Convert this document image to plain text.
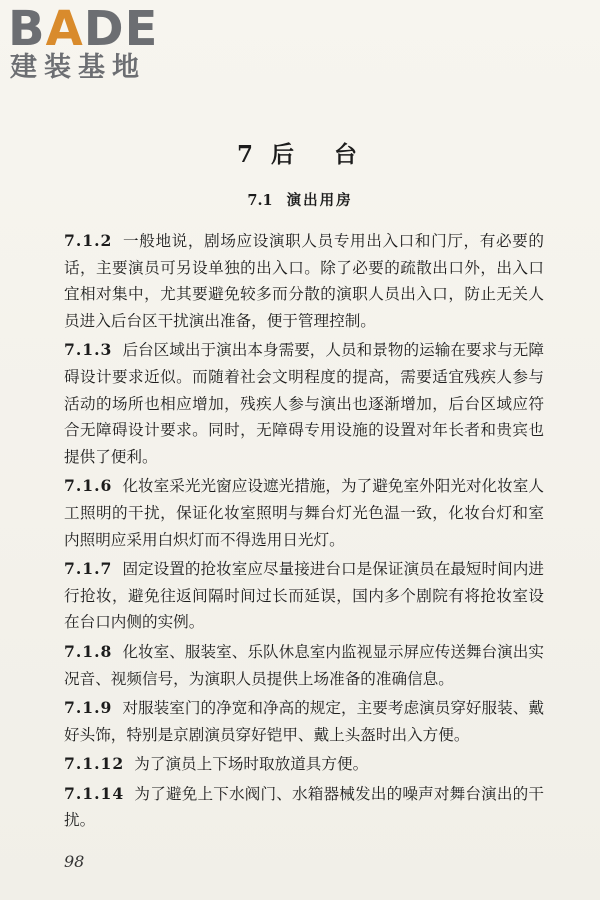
BADE
建装基地
7 后 台
7.1 演出用房

7.1.2 一般地说，剧场应设演职人员专用出入口和门厅，有必要的话，主要演员可另设单独的出入口。除了必要的疏散出口外，出入口宜相对集中，尤其要避免较多而分散的演职人员出入口，防止无关人员进入后台区干扰演出准备，便于管理控制。

7.1.3 后台区域出于演出本身需要，人员和景物的运输在要求与无障碍设计要求近似。而随着社会文明程度的提高，需要适宜残疾人参与活动的场所也相应增加，残疾人参与演出也逐渐增加，后台区域应符合无障碍设计要求。同时，无障碍专用设施的设置对年长者和贵宾也提供了便利。

7.1.6 化妆室采光光窗应设遮光措施，为了避免室外阳光对化妆室人工照明的干扰，保证化妆室照明与舞台灯光色温一致，化妆台灯和室内照明应采用白炽灯而不得选用日光灯。

7.1.7 固定设置的抢妆室应尽量接进台口是保证演员在最短时间内进行抢妆，避免往返间隔时间过长而延误，国内多个剧院有将抢妆室设在台口内侧的实例。

7.1.8 化妆室、服装室、乐队休息室内监视显示屏应传送舞台演出实况音、视频信号，为演职人员提供上场准备的准确信息。

7.1.9 对服装室门的净宽和净高的规定，主要考虑演员穿好服装、戴好头饰，特别是京剧演员穿好铠甲、戴上头盔时出入方便。

7.1.12 为了演员上下场时取放道具方便。

7.1.14 为了避免上下水阀门、水箱器械发出的噪声对舞台演出的干扰。

98
